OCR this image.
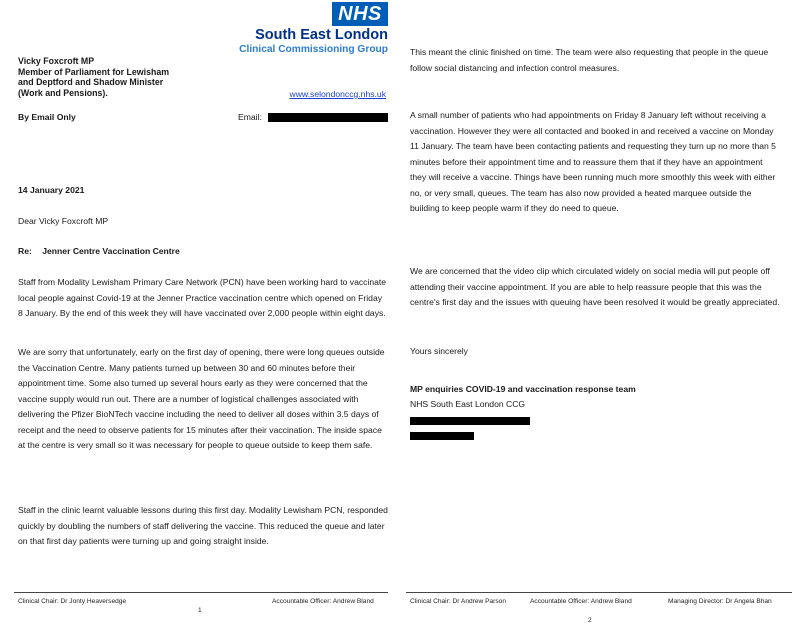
NHS
South East London
Clinical Commissioning Group
Vicky Foxcroft MP
Member of Parliament for Lewisham
and Deptford and Shadow Minister
(Work and Pensions).	www.selondonccg.nhs.uk
By Email Only	Email:
14 January 2021
Dear Vicky Foxcroft MP
Re: Jenner Centre Vaccination Centre
Staff from Modality Lewisham Primary Care Network (PCN) have been working hard to vaccinate local people against Covid-19 at the Jenner Practice vaccination centre which opened on Friday 8 January. By the end of this week they will have vaccinated over 2,000 people within eight days.
We are sorry that unfortunately, early on the first day of opening, there were long queues outside the Vaccination Centre. Many patients turned up between 30 and 60 minutes before their appointment time. Some also turned up several hours early as they were concerned that the vaccine supply would run out. There are a number of logistical challenges associated with delivering the Pfizer BioNTech vaccine including the need to deliver all doses within 3.5 days of receipt and the need to observe patients for 15 minutes after their vaccination. The inside space at the centre is very small so it was necessary for people to queue outside to keep them safe.
Staff in the clinic learnt valuable lessons during this first day. Modality Lewisham PCN, responded quickly by doubling the numbers of staff delivering the vaccine. This reduced the queue and later on that first day patients were turning up and going straight inside.
Clinical Chair: Dr Jonty Heaversedge	Accountable Officer: Andrew Bland
1
This meant the clinic finished on time. The team were also requesting that people in the queue follow social distancing and infection control measures.
A small number of patients who had appointments on Friday 8 January left without receiving a vaccination. However they were all contacted and booked in and received a vaccine on Monday 11 January. The team have been contacting patients and requesting they turn up no more than 5 minutes before their appointment time and to reassure them that if they have an appointment they will receive a vaccine. Things have been running much more smoothly this week with either no, or very small, queues. The team has also now provided a heated marquee outside the building to keep people warm if they do need to queue.
We are concerned that the video clip which circulated widely on social media will put people off attending their vaccine appointment. If you are able to help reassure people that this was the centre's first day and the issues with queuing have been resolved it would be greatly appreciated.
Yours sincerely
MP enquiries COVID-19 and vaccination response team
NHS South East London CCG
Clinical Chair: Dr Andrew Parson	Accountable Officer: Andrew Bland	Managing Director: Dr Angela Bhan
2
